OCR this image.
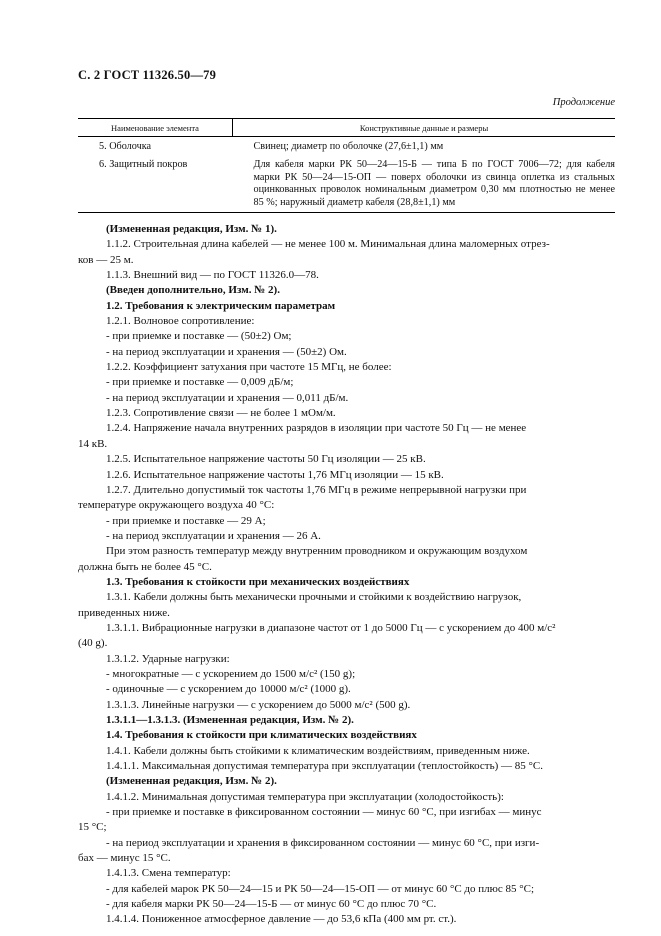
С. 2 ГОСТ 11326.50—79
Продолжение
Наименование элемента	Конструктивные данные и размеры
5. Оболочка	Свинец; диаметр по оболочке (27,6±1,1) мм
6. Защитный покров	Для кабеля марки РК 50—24—15-Б — типа Б по ГОСТ 7006—72; для кабеля марки РК 50—24—15-ОП — поверх оболочки из свинца оплетка из стальных оцинкованных проволок номинальным диаметром 0,30 мм плотностью не менее 85 %; наружный диаметр кабеля (28,8±1,1) мм

(Измененная редакция, Изм. № 1).

1.1.2. Строительная длина кабелей — не менее 100 м. Минимальная длина маломерных отрез-

ков — 25 м.

1.1.3. Внешний вид — по ГОСТ 11326.0—78.

(Введен дополнительно, Изм. № 2).

1.2. Требования к электрическим параметрам

1.2.1. Волновое сопротивление:

- при приемке и поставке — (50±2) Ом;

- на период эксплуатации и хранения — (50±2) Ом.

1.2.2. Коэффициент затухания при частоте 15 МГц, не более:

- при приемке и поставке — 0,009 дБ/м;

- на период эксплуатации и хранения — 0,011 дБ/м.

1.2.3. Сопротивление связи — не более 1 мОм/м.

1.2.4. Напряжение начала внутренних разрядов в изоляции при частоте 50 Гц — не менее

14 кВ.

1.2.5. Испытательное напряжение частоты 50 Гц изоляции — 25 кВ.

1.2.6. Испытательное напряжение частоты 1,76 МГц изоляции — 15 кВ.

1.2.7. Длительно допустимый ток частоты 1,76 МГц в режиме непрерывной нагрузки при

температуре окружающего воздуха 40 °С:

- при приемке и поставке — 29 А;

- на период эксплуатации и хранения — 26 А.

При этом разность температур между внутренним проводником и окружающим воздухом

должна быть не более 45 °С.

1.3. Требования к стойкости при механических воздействиях

1.3.1. Кабели должны быть механически прочными и стойкими к воздействию нагрузок,

приведенных ниже.

1.3.1.1. Вибрационные нагрузки в диапазоне частот от 1 до 5000 Гц — с ускорением до 400 м/с²

(40 g).

1.3.1.2. Ударные нагрузки:

- многократные — с ускорением до 1500 м/с² (150 g);

- одиночные — с ускорением до 10000 м/с² (1000 g).

1.3.1.3. Линейные нагрузки — с ускорением до 5000 м/с² (500 g).

1.3.1.1—1.3.1.3. (Измененная редакция, Изм. № 2).

1.4. Требования к стойкости при климатических воздействиях

1.4.1. Кабели должны быть стойкими к климатическим воздействиям, приведенным ниже.

1.4.1.1. Максимальная допустимая температура при эксплуатации (теплостойкость) — 85 °С.

(Измененная редакция, Изм. № 2).

1.4.1.2. Минимальная допустимая температура при эксплуатации (холодостойкость):

- при приемке и поставке в фиксированном состоянии — минус 60 °С, при изгибах — минус

15 °С;

- на период эксплуатации и хранения в фиксированном состоянии — минус 60 °С, при изги-

бах — минус 15 °С.

1.4.1.3. Смена температур:

- для кабелей марок РК 50—24—15 и РК 50—24—15-ОП — от минус 60 °С до плюс 85 °С;

- для кабеля марки РК 50—24—15-Б — от минус 60 °С до плюс 70 °С.

1.4.1.4. Пониженное атмосферное давление — до 53,6 кПа (400 мм рт. ст.).
